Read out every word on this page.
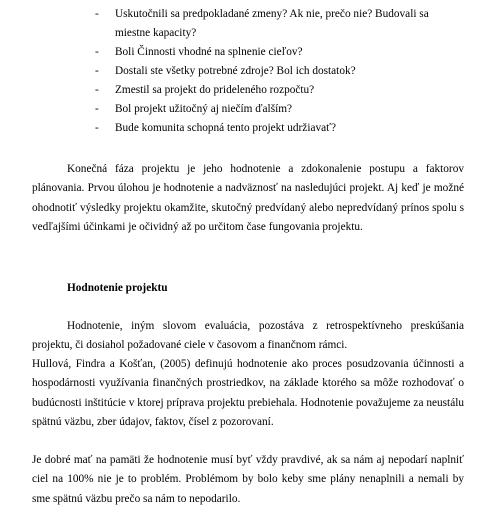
- Uskutočnili sa predpokladané zmeny? Ak nie, prečo nie? Budovali sa miestne kapacity?
- Boli Činnosti vhodné na splnenie cieľov?
- Dostali ste všetky potrebné zdroje? Bol ich dostatok?
- Zmestil sa projekt do prideleného rozpočtu?
- Bol projekt užitočný aj niečím ďalším?
- Bude komunita schopná tento projekt udržiavať?

Konečná fáza projektu je jeho hodnotenie a zdokonalenie postupu a faktorov plánovania. Prvou úlohou je hodnotenie a nadväznosť na nasledujúci projekt. Aj keď je možné ohodnotiť výsledky projektu okamžite, skutočný predvídaný alebo nepredvídaný prínos spolu s vedľajšími účinkami je očividný až po určitom čase fungovania projektu.

Hodnotenie projektu

Hodnotenie, iným slovom evaluácia, pozostáva z retrospektívneho preskúšania projektu, či dosiahol požadované ciele v časovom a finančnom rámci.

Hullová, Findra a Košťan, (2005) definujú hodnotenie ako proces posudzovania účinnosti a hospodárnosti využívania finančných prostriedkov, na základe ktorého sa môže rozhodovať o budúcnosti inštitúcie v ktorej príprava projektu prebiehala. Hodnotenie považujeme za neustálu spätnú väzbu, zber údajov, faktov, čísel z pozorovaní.

Je dobré mať na pamäti že hodnotenie musí byť vždy pravdivé, ak sa nám aj nepodarí naplniť ciel na 100% nie je to problém. Problémom by bolo keby sme plány nenaplnili a nemali by sme spätnú väzbu prečo sa nám to nepodarilo.
